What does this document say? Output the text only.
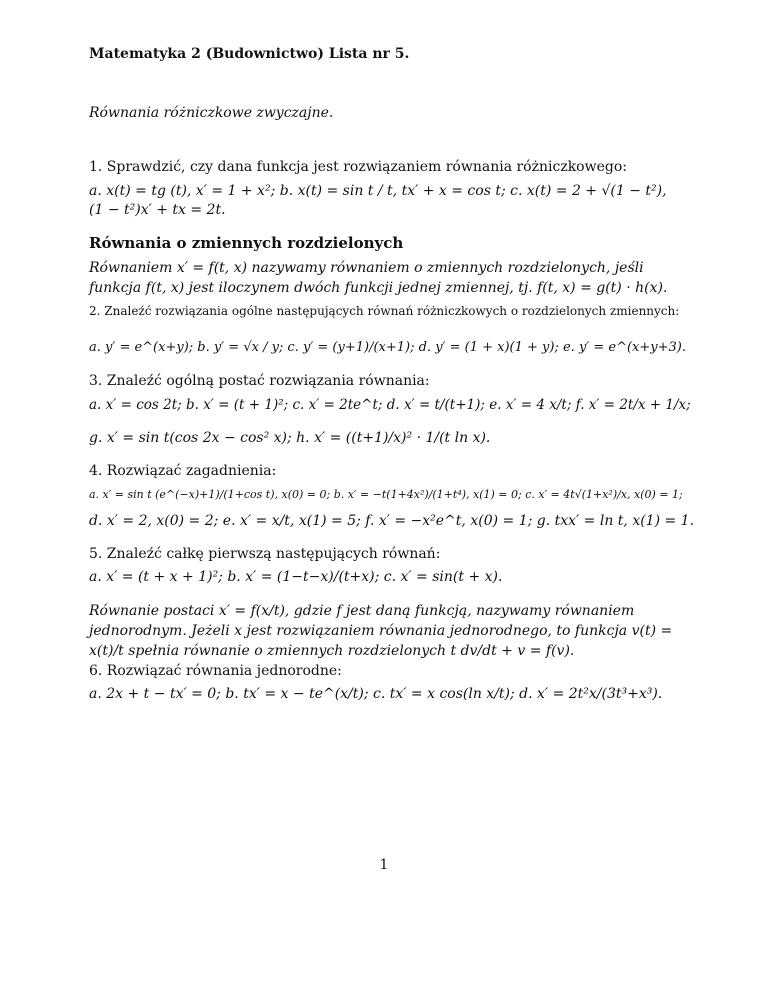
Matematyka 2 (Budownictwo) Lista nr 5.
Równania różniczkowe zwyczajne.
1. Sprawdzić, czy dana funkcja jest rozwiązaniem równania różniczkowego:
a. x(t) = tg (t), x′ = 1 + x²; b. x(t) = sin t / t, tx′ + x = cos t; c. x(t) = 2 + √(1 − t²),
(1 − t²)x′ + tx = 2t.
Równania o zmiennych rozdzielonych
Równaniem x′ = f(t, x) nazywamy równaniem o zmiennych rozdzielonych, jeśli funkcja f(t, x) jest iloczynem dwóch funkcji jednej zmiennej, tj. f(t, x) = g(t) · h(x).
2. Znaleźć rozwiązania ogólne następujących równań różniczkowych o rozdzielonych zmiennych:
a. y′ = e^(x+y); b. y′ = √x / y; c. y′ = (y+1)/(x+1); d. y′ = (1 + x)(1 + y); e. y′ = e^(x+y+3).
3. Znaleźć ogólną postać rozwiązania równania:
a. x′ = cos 2t; b. x′ = (t + 1)²; c. x′ = 2te^t; d. x′ = t/(t+1); e. x′ = 4 x/t; f. x′ = 2t/x + 1/x;
g. x′ = sin t(cos 2x − cos² x); h. x′ = ((t+1)/x)² · 1/(t ln x).
4. Rozwiązać zagadnienia:
a. x′ = sin t (e^(−x)+1)/(1+cos t), x(0) = 0; b. x′ = −t(1+4x²)/(1+t⁴), x(1) = 0; c. x′ = 4t√(1+x²)/x, x(0) = 1;
d. x′ = 2, x(0) = 2; e. x′ = x/t, x(1) = 5; f. x′ = −x²e^t, x(0) = 1; g. txx′ = ln t, x(1) = 1.
5. Znaleźć całkę pierwszą następujących równań:
a. x′ = (t + x + 1)²; b. x′ = (1−t−x)/(t+x); c. x′ = sin(t + x).
Równanie postaci x′ = f(x/t), gdzie f jest daną funkcją, nazywamy równaniem jednorodnym. Jeżeli x jest rozwiązaniem równania jednorodnego, to funkcja v(t) = x(t)/t spełnia równanie o zmiennych rozdzielonych t dv/dt + v = f(v).
6. Rozwiązać równania jednorodne:
a. 2x + t − tx′ = 0; b. tx′ = x − te^(x/t); c. tx′ = x cos(ln x/t); d. x′ = 2t²x/(3t³+x³).
1
